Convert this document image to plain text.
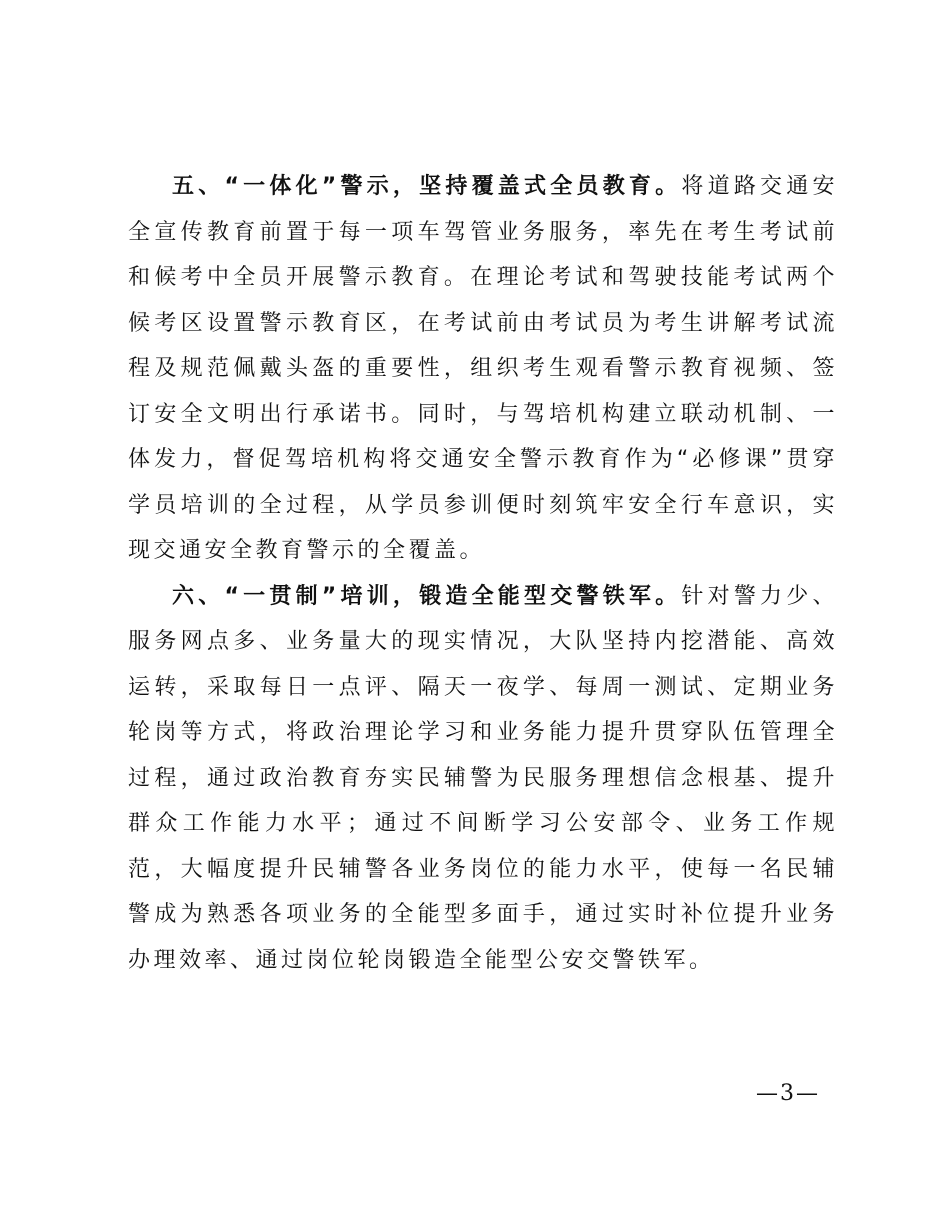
五、“一体化”警示，坚持覆盖式全员教育。将道路交通安全宣传教育前置于每一项车驾管业务服务，率先在考生考试前和候考中全员开展警示教育。在理论考试和驾驶技能考试两个候考区设置警示教育区，在考试前由考试员为考生讲解考试流程及规范佩戴头盔的重要性，组织考生观看警示教育视频、签订安全文明出行承诺书。同时，与驾培机构建立联动机制、一体发力，督促驾培机构将交通安全警示教育作为“必修课”贯穿学员培训的全过程，从学员参训便时刻筑牢安全行车意识，实现交通安全教育警示的全覆盖。

六、“一贯制”培训，锻造全能型交警铁军。针对警力少、服务网点多、业务量大的现实情况，大队坚持内挖潜能、高效运转，采取每日一点评、隔天一夜学、每周一测试、定期业务轮岗等方式，将政治理论学习和业务能力提升贯穿队伍管理全过程，通过政治教育夯实民辅警为民服务理想信念根基、提升群众工作能力水平；通过不间断学习公安部令、业务工作规范，大幅度提升民辅警各业务岗位的能力水平，使每一名民辅警成为熟悉各项业务的全能型多面手，通过实时补位提升业务办理效率、通过岗位轮岗锻造全能型公安交警铁军。

—3—
